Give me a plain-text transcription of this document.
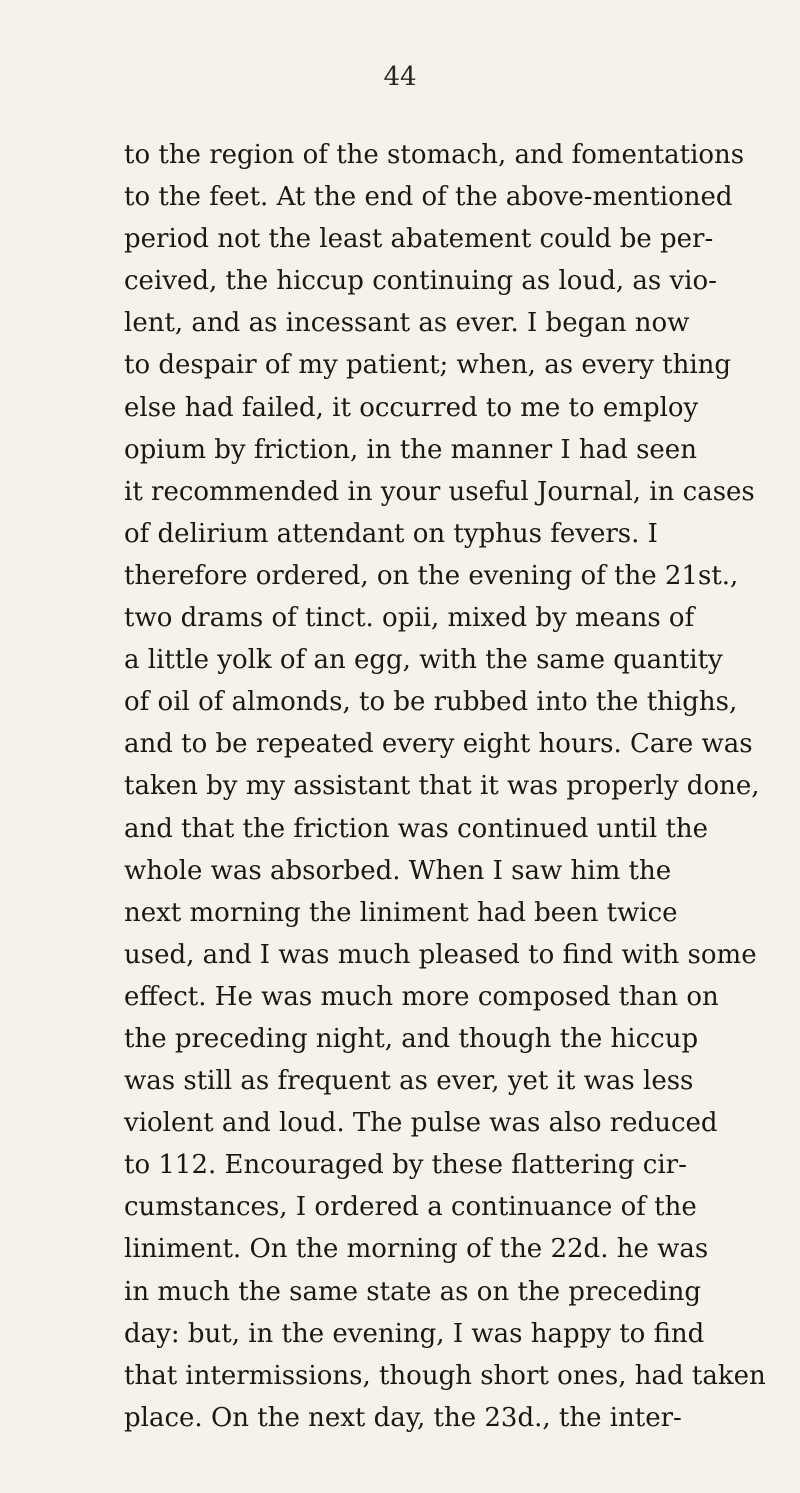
44
to the region of the stomach, and fomentations
to the feet. At the end of the above-mentioned
period not the least abatement could be per-
ceived, the hiccup continuing as loud, as vio-
lent, and as incessant as ever. I began now
to despair of my patient; when, as every thing
else had failed, it occurred to me to employ
opium by friction, in the manner I had seen
it recommended in your useful Journal, in cases
of delirium attendant on typhus fevers. I
therefore ordered, on the evening of the 21st.,
two drams of tinct. opii, mixed by means of
a little yolk of an egg, with the same quantity
of oil of almonds, to be rubbed into the thighs,
and to be repeated every eight hours. Care was
taken by my assistant that it was properly done,
and that the friction was continued until the
whole was absorbed. When I saw him the
next morning the liniment had been twice
used, and I was much pleased to find with some
effect. He was much more composed than on
the preceding night, and though the hiccup
was still as frequent as ever, yet it was less
violent and loud. The pulse was also reduced
to 112. Encouraged by these flattering cir-
cumstances, I ordered a continuance of the
liniment. On the morning of the 22d. he was
in much the same state as on the preceding
day: but, in the evening, I was happy to find
that intermissions, though short ones, had taken
place. On the next day, the 23d., the inter-
